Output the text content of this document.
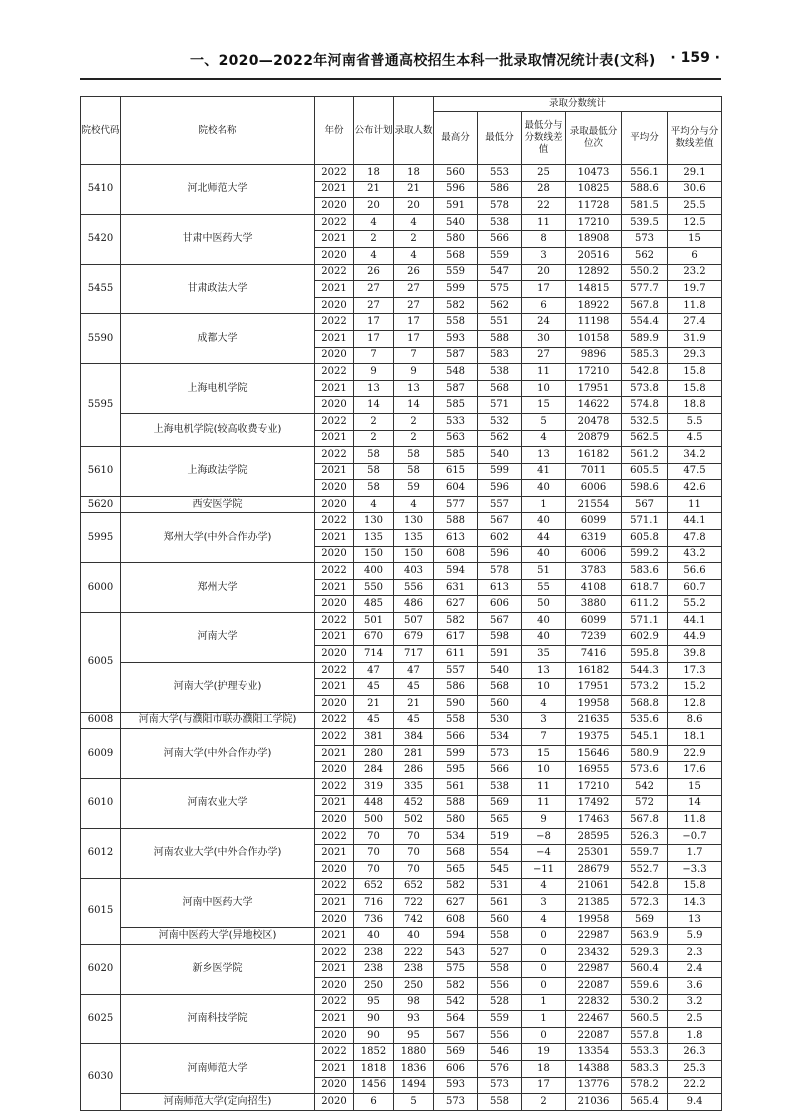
一、2020—2022年河南省普通高校招生本科一批录取情况统计表(文科) · 159 ·
院校代码	院校名称	年份	公布计划	录取人数	录取分数统计					
					最高分	最低分	最低分与分数线差值	录取最低分位次	平均分	平均分与分数线差值
5410	河北师范大学	2022	18	18	560	553	25	10473	556.1	29.1
		2021	21	21	596	586	28	10825	588.6	30.6
		2020	20	20	591	578	22	11728	581.5	25.5
5420	甘肃中医药大学	2022	4	4	540	538	11	17210	539.5	12.5
		2021	2	2	580	566	8	18908	573	15
		2020	4	4	568	559	3	20516	562	6
5455	甘肃政法大学	2022	26	26	559	547	20	12892	550.2	23.2
		2021	27	27	599	575	17	14815	577.7	19.7
		2020	27	27	582	562	6	18922	567.8	11.8
5590	成都大学	2022	17	17	558	551	24	11198	554.4	27.4
		2021	17	17	593	588	30	10158	589.9	31.9
		2020	7	7	587	583	27	9896	585.3	29.3
5595	上海电机学院	2022	9	9	548	538	11	17210	542.8	15.8
		2021	13	13	587	568	10	17951	573.8	15.8
		2020	14	14	585	571	15	14622	574.8	18.8
	上海电机学院(较高收费专业)	2022	2	2	533	532	5	20478	532.5	5.5
		2021	2	2	563	562	4	20879	562.5	4.5
5610	上海政法学院	2022	58	58	585	540	13	16182	561.2	34.2
		2021	58	58	615	599	41	7011	605.5	47.5
		2020	58	59	604	596	40	6006	598.6	42.6
5620	西安医学院	2020	4	4	577	557	1	21554	567	11
5995	郑州大学(中外合作办学)	2022	130	130	588	567	40	6099	571.1	44.1
		2021	135	135	613	602	44	6319	605.8	47.8
		2020	150	150	608	596	40	6006	599.2	43.2
6000	郑州大学	2022	400	403	594	578	51	3783	583.6	56.6
		2021	550	556	631	613	55	4108	618.7	60.7
		2020	485	486	627	606	50	3880	611.2	55.2
6005	河南大学	2022	501	507	582	567	40	6099	571.1	44.1
		2021	670	679	617	598	40	7239	602.9	44.9
		2020	714	717	611	591	35	7416	595.8	39.8
	河南大学(护理专业)	2022	47	47	557	540	13	16182	544.3	17.3
		2021	45	45	586	568	10	17951	573.2	15.2
		2020	21	21	590	560	4	19958	568.8	12.8
6008	河南大学(与濮阳市联办濮阳工学院)	2022	45	45	558	530	3	21635	535.6	8.6
6009	河南大学(中外合作办学)	2022	381	384	566	534	7	19375	545.1	18.1
		2021	280	281	599	573	15	15646	580.9	22.9
		2020	284	286	595	566	10	16955	573.6	17.6
6010	河南农业大学	2022	319	335	561	538	11	17210	542	15
		2021	448	452	588	569	11	17492	572	14
		2020	500	502	580	565	9	17463	567.8	11.8
6012	河南农业大学(中外合作办学)	2022	70	70	534	519	−8	28595	526.3	−0.7
		2021	70	70	568	554	−4	25301	559.7	1.7
		2020	70	70	565	545	−11	28679	552.7	−3.3
6015	河南中医药大学	2022	652	652	582	531	4	21061	542.8	15.8
		2021	716	722	627	561	3	21385	572.3	14.3
		2020	736	742	608	560	4	19958	569	13
	河南中医药大学(异地校区)	2021	40	40	594	558	0	22987	563.9	5.9
6020	新乡医学院	2022	238	222	543	527	0	23432	529.3	2.3
		2021	238	238	575	558	0	22987	560.4	2.4
		2020	250	250	582	556	0	22087	559.6	3.6
6025	河南科技学院	2022	95	98	542	528	1	22832	530.2	3.2
		2021	90	93	564	559	1	22467	560.5	2.5
		2020	90	95	567	556	0	22087	557.8	1.8
6030	河南师范大学	2022	1852	1880	569	546	19	13354	553.3	26.3
		2021	1818	1836	606	576	18	14388	583.3	25.3
		2020	1456	1494	593	573	17	13776	578.2	22.2
	河南师范大学(定向招生)	2020	6	5	573	558	2	21036	565.4	9.4
